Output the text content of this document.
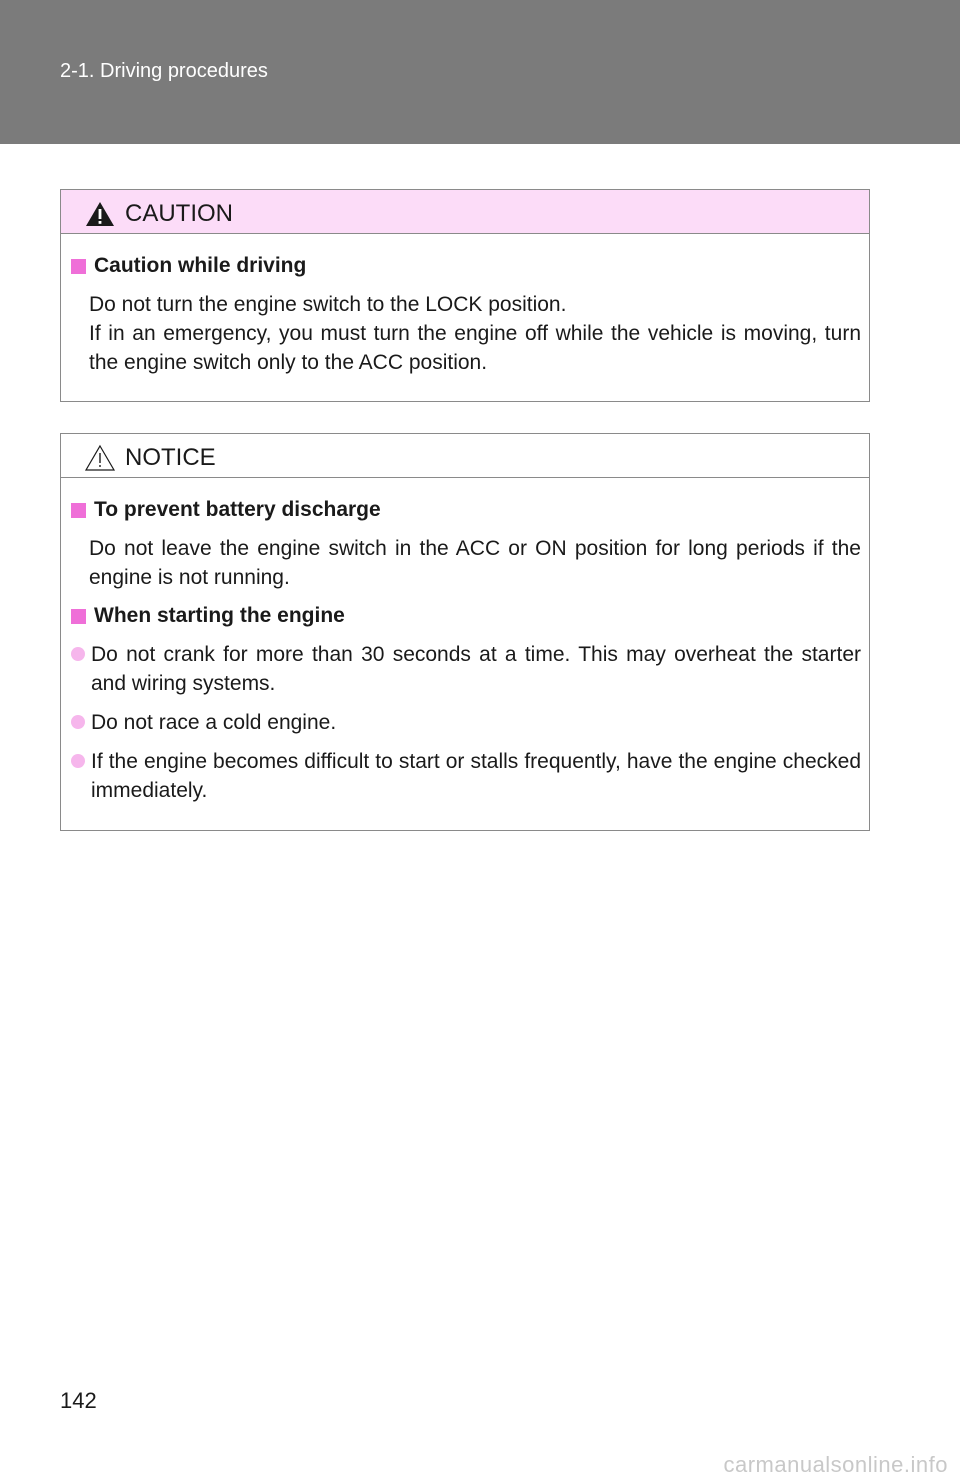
2-1. Driving procedures
CAUTION
Caution while driving
Do not turn the engine switch to the LOCK position.
If in an emergency, you must turn the engine off while the vehicle is moving, turn the engine switch only to the ACC position.
NOTICE
To prevent battery discharge
Do not leave the engine switch in the ACC or ON position for long periods if the engine is not running.
When starting the engine
Do not crank for more than 30 seconds at a time. This may overheat the starter and wiring systems.
Do not race a cold engine.
If the engine becomes difficult to start or stalls frequently, have the engine checked immediately.
142
carmanualsonline.info
